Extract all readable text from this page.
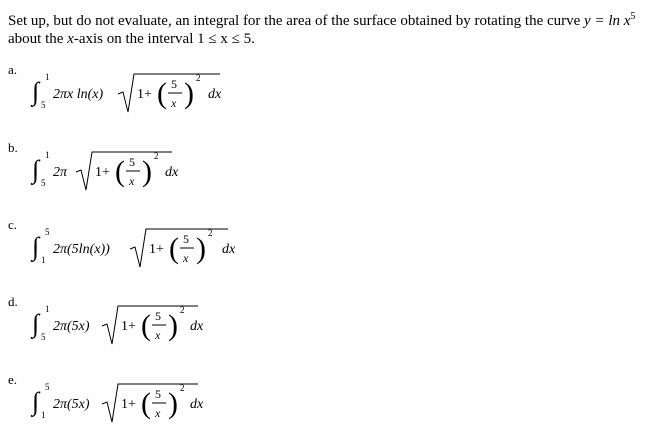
Set up, but do not evaluate, an integral for the area of the surface obtained by rotating the curve $y = \ln x^5$
about the x-axis on the interval 1 ≤ x ≤ 5.
a.
∫ 1
5
2πx ln(x) 1+ ( 5
x ) 2
dx
b.
∫ 1
5
2π 1+ ( 5
x ) 2
dx
c.
∫ 5
1
2π(5ln(x))	1+ ( 5
x ) 2
dx
d.
∫ 1
5
2π(5x) 1+ ( 5
x ) 2
dx
e.
∫ 5
1
2π(5x) 1+ ( 5
x ) 2
dx
